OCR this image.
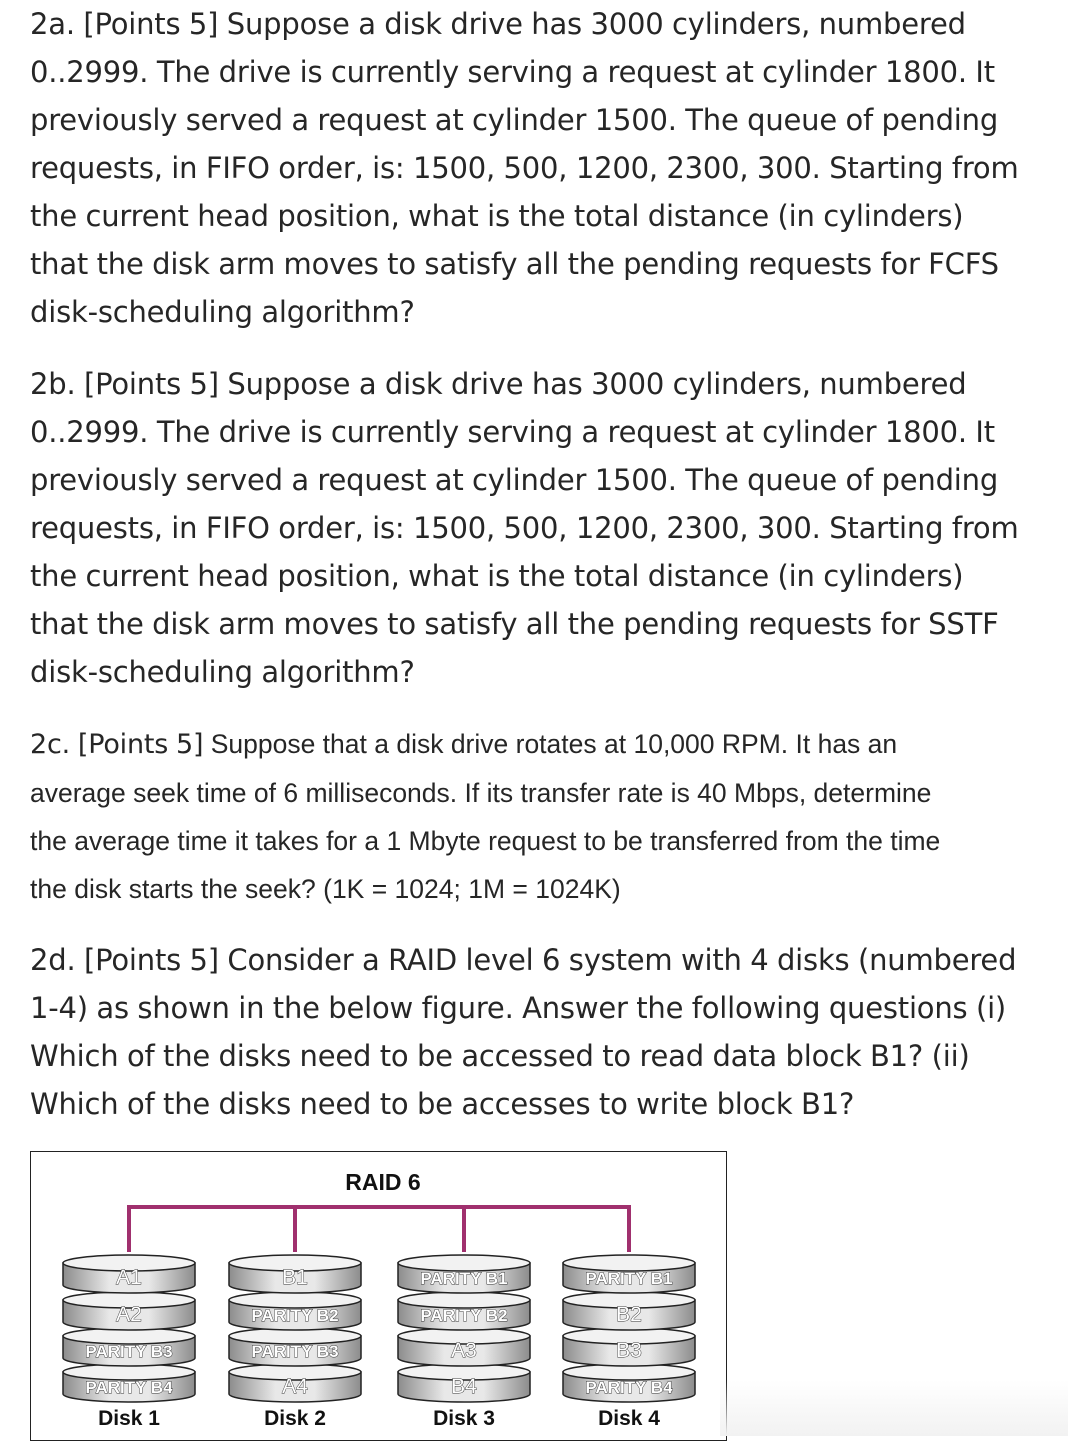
2a. [Points 5] Suppose a disk drive has 3000 cylinders, numbered
0..2999. The drive is currently serving a request at cylinder 1800. It
previously served a request at cylinder 1500. The queue of pending
requests, in FIFO order, is: 1500, 500, 1200, 2300, 300. Starting from
the current head position, what is the total distance (in cylinders)
that the disk arm moves to satisfy all the pending requests for FCFS
disk-scheduling algorithm?
2b. [Points 5] Suppose a disk drive has 3000 cylinders, numbered
0..2999. The drive is currently serving a request at cylinder 1800. It
previously served a request at cylinder 1500. The queue of pending
requests, in FIFO order, is: 1500, 500, 1200, 2300, 300. Starting from
the current head position, what is the total distance (in cylinders)
that the disk arm moves to satisfy all the pending requests for SSTF
disk-scheduling algorithm?
2c. [Points 5] Suppose that a disk drive rotates at 10,000 RPM. It has an
average seek time of 6 milliseconds. If its transfer rate is 40 Mbps, determine
the average time it takes for a 1 Mbyte request to be transferred from the time
the disk starts the seek? (1K = 1024; 1M = 1024K)
2d. [Points 5] Consider a RAID level 6 system with 4 disks (numbered
1-4) as shown in the below figure. Answer the following questions (i)
Which of the disks need to be accessed to read data block B1? (ii)
Which of the disks need to be accesses to write block B1?
RAID 6
A1
A2
PARITY B3
PARITY B4
Disk 1
B1
PARITY B2
PARITY B3
A4
Disk 2
PARITY B1
PARITY B2
A3
B4
Disk 3
PARITY B1
B2
B3
PARITY B4
Disk 4
